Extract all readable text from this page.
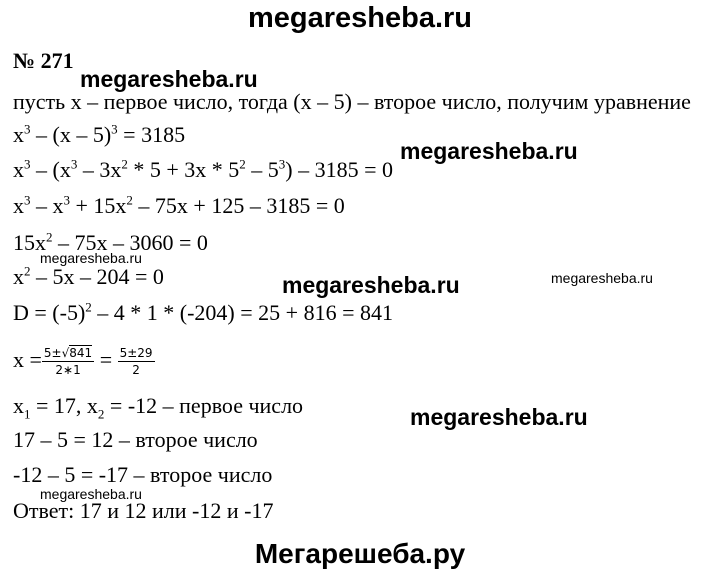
megaresheba.ru
№ 271
megaresheba.ru
пусть x – первое число, тогда (x – 5) – второе число, получим уравнение
$x^3 - (x - 5)^3 = 3185$
$x^3 - (x^3 - 3x^2 * 5 + 3x * 5^2 - 5^3) - 3185 = 0$
megaresheba.ru
$x^3 - x^3 + 15x^2 - 75x + 125 - 3185 = 0$
$15x^2 - 75x - 3060 = 0$
megaresheba.ru
$x^2 - 5x - 204 = 0$	megaresheba.ru	megaresheba.ru
$D = (-5)^2 - 4 * 1 * (-204) = 25 + 816 = 841$
$x = \frac{5\pm√841}{2∗1} = \frac{5\pm 29}{2}$
$x_1 = 17$, $x_2 = -12$ – первое число	megaresheba.ru
17 – 5 = 12 – второе число
-12 – 5 = -17 – второе число
megaresheba.ru
Ответ: 17 и 12 или -12 и -17
Мегарешеба.ру
